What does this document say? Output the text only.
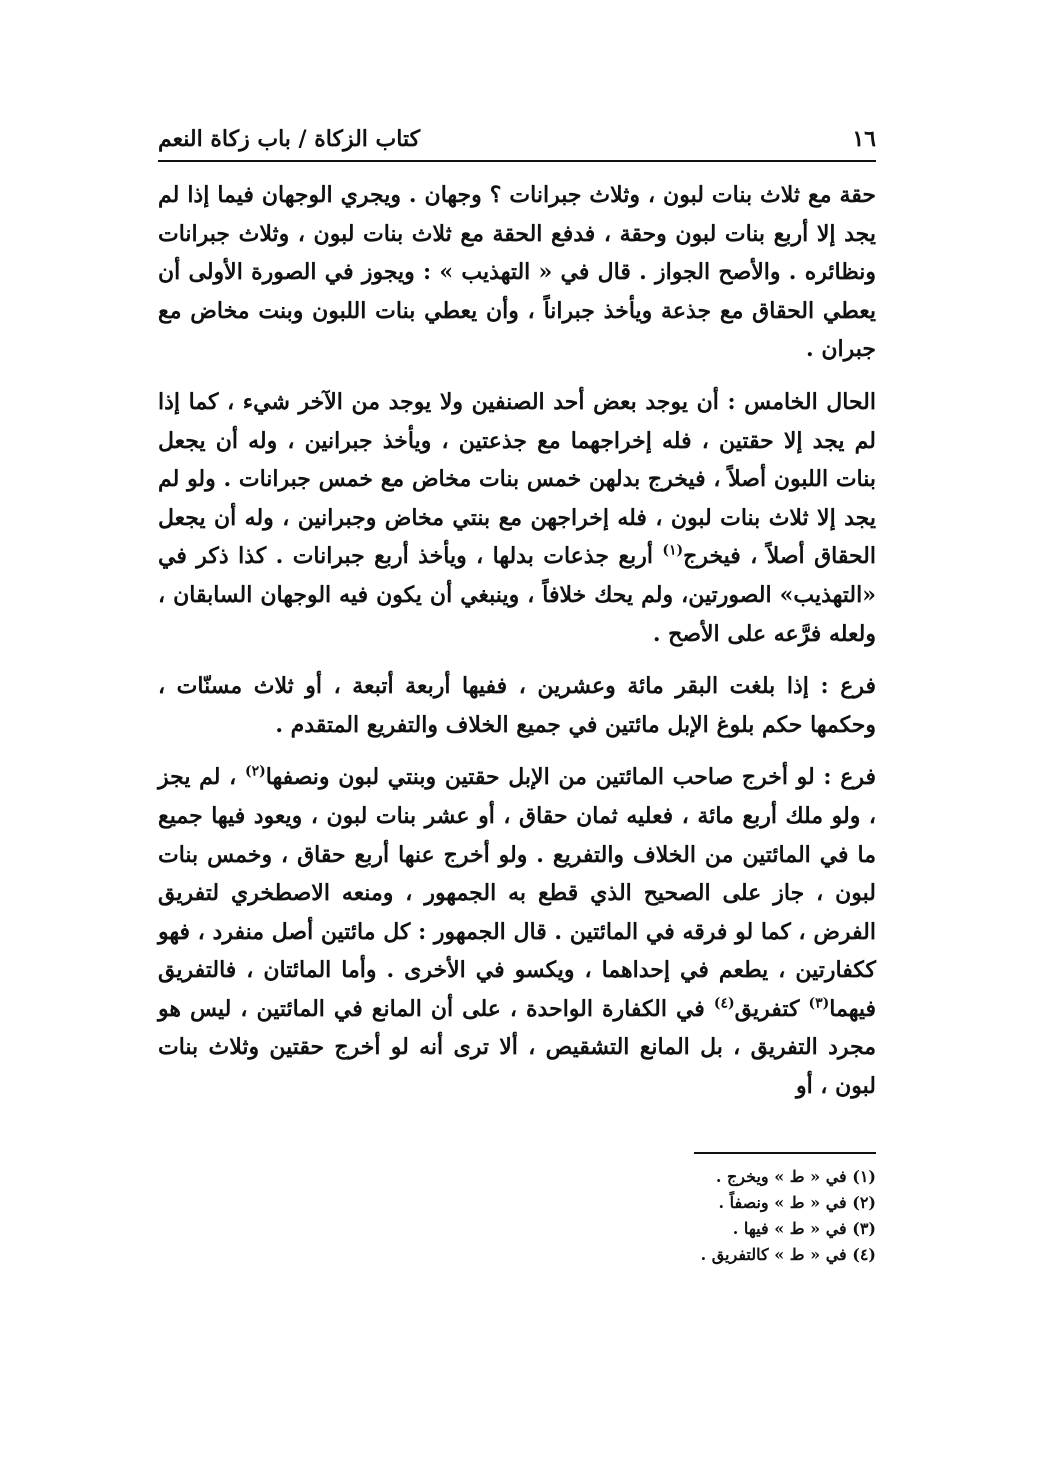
١٦
كتاب الزكاة / باب زكاة النعم

حقة مع ثلاث بنات لبون ، وثلاث جبرانات ؟ وجهان . ويجري الوجهان فيما إذا لم يجد إلا أربع بنات لبون وحقة ، فدفع الحقة مع ثلاث بنات لبون ، وثلاث جبرانات ونظائره . والأصح الجواز . قال في « التهذيب » : ويجوز في الصورة الأولى أن يعطي الحقاق مع جذعة ويأخذ جبراناً ، وأن يعطي بنات اللبون وبنت مخاض مع جبران .

الحال الخامس : أن يوجد بعض أحد الصنفين ولا يوجد من الآخر شيء ، كما إذا لم يجد إلا حقتين ، فله إخراجهما مع جذعتين ، ويأخذ جبرانين ، وله أن يجعل بنات اللبون أصلاً ، فيخرج بدلهن خمس بنات مخاض مع خمس جبرانات . ولو لم يجد إلا ثلاث بنات لبون ، فله إخراجهن مع بنتي مخاض وجبرانين ، وله أن يجعل الحقاق أصلاً ، فيخرج$^{(١)}$ أربع جذعات بدلها ، ويأخذ أربع جبرانات . كذا ذكر في «التهذيب» الصورتين، ولم يحك خلافاً ، وينبغي أن يكون فيه الوجهان السابقان ، ولعله فرَّعه على الأصح .

فرع : إذا بلغت البقر مائة وعشرين ، ففيها أربعة أتبعة ، أو ثلاث مسنّات ، وحكمها حكم بلوغ الإبل مائتين في جميع الخلاف والتفريع المتقدم .

فرع : لو أخرج صاحب المائتين من الإبل حقتين وبنتي لبون ونصفها$^{(٢)}$ ، لم يجز ، ولو ملك أربع مائة ، فعليه ثمان حقاق ، أو عشر بنات لبون ، ويعود فيها جميع ما في المائتين من الخلاف والتفريع . ولو أخرج عنها أربع حقاق ، وخمس بنات لبون ، جاز على الصحيح الذي قطع به الجمهور ، ومنعه الاصطخري لتفريق الفرض ، كما لو فرقه في المائتين . قال الجمهور : كل مائتين أصل منفرد ، فهو ككفارتين ، يطعم في إحداهما ، ويكسو في الأخرى . وأما المائتان ، فالتفريق فيهما$^{(٣)}$ كتفريق$^{(٤)}$ في الكفارة الواحدة ، على أن المانع في المائتين ، ليس هو مجرد التفريق ، بل المانع التشقيص ، ألا ترى أنه لو أخرج حقتين وثلاث بنات لبون ، أو

(١) في « ط » ويخرج .
(٢) في « ط » ونصفاً .
(٣) في « ط » فيها .
(٤) في « ط » كالتفريق .
